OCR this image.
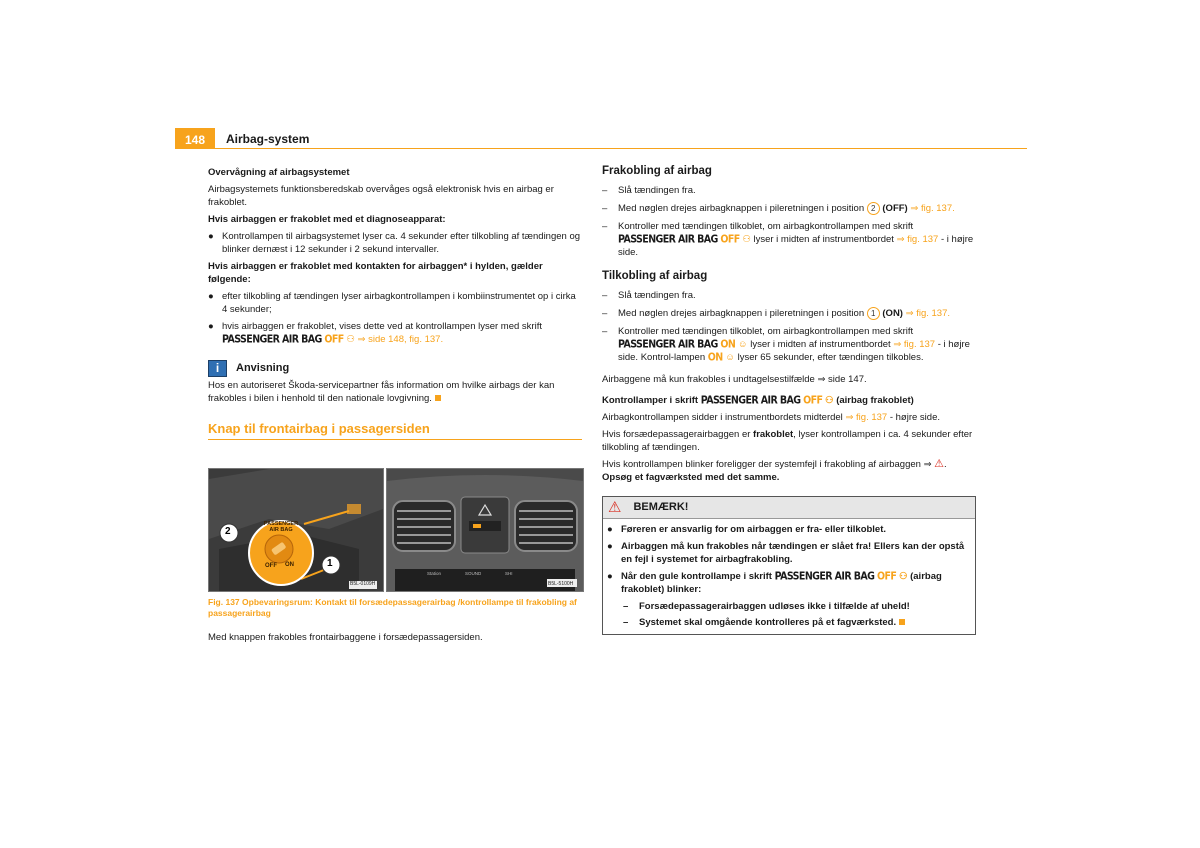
148	Airbag-system

Overvågning af airbagsystemet

Airbagsystemets funktionsberedskab overvåges også elektronisk hvis en airbag er frakoblet.

Hvis airbaggen er frakoblet med et diagnoseapparat:

● Kontrollampen til airbagsystemet lyser ca. 4 sekunder efter tilkobling af tændingen og blinker dernæst i 12 sekunder i 2 sekund intervaller.

Hvis airbaggen er frakoblet med kontakten for airbaggen* i hylden, gælder følgende:

● efter tilkobling af tændingen lyser airbagkontrollampen i kombiinstrumentet op i cirka 4 sekunder;
● hvis airbaggen er frakoblet, vises dette ved at kontrollampen lyser med skrift
PASSENGER AIR BAG OFF ⚇ ⇒ side 148, fig. 137.
i	Anvisning

Hos en autoriseret Škoda-servicepartner fås information om hvilke airbags der kan frakobles i bilen i henhold til den nationale lovgivning.

Knap til frontairbag i passagersiden
PASSENGER
AIR BAG
OFF ON
2
1
B5L-0109H
Station	SOUND	SHI
B5L-5100H
Fig. 137 Opbevaringsrum: Kontakt til forsædepassagerairbag /kontrollampe til frakobling af passagerairbag
Med knappen frakobles frontairbaggene i forsædepassagersiden.
Frakobling af airbag
–	Slå tændingen fra.
–	Med nøglen drejes airbagknappen i pileretningen i position 2 (OFF) ⇒ fig. 137.
–	Kontroller med tændingen tilkoblet, om airbagkontrollampen med skrift PASSENGER AIR BAG OFF ⚇ lyser i midten af instrumentbordet ⇒ fig. 137 - i højre side.
Tilkobling af airbag
–	Slå tændingen fra.
–	Med nøglen drejes airbagknappen i pileretningen i position 1 (ON) ⇒ fig. 137.
–	Kontroller med tændingen tilkoblet, om airbagkontrollampen med skrift PASSENGER AIR BAG ON ☺ lyser i midten af instrumentbordet ⇒ fig. 137 - i højre side. Kontrol-lampen ON ☺ lyser 65 sekunder, efter tændingen tilkobles.

Airbaggene må kun frakobles i undtagelsestilfælde ⇒ side 147.

Kontrollamper i skrift PASSENGER AIR BAG OFF ⚇ (airbag frakoblet)

Airbagkontrollampen sidder i instrumentbordets midterdel ⇒ fig. 137 - højre side.

Hvis forsædepassagerairbaggen er frakoblet, lyser kontrollampen i ca. 4 sekunder efter tilkobling af tændingen.

Hvis kontrollampen blinker foreligger der systemfejl i frakobling af airbaggen ⇒ ⚠.
Opsøg et fagværksted med det samme.

⚠ BEMÆRK!
● Føreren er ansvarlig for om airbaggen er fra- eller tilkoblet.
● Airbaggen må kun frakobles når tændingen er slået fra! Ellers kan der opstå en fejl i systemet for airbagfrakobling.
● Når den gule kontrollampe i skrift PASSENGER AIR BAG OFF ⚇ (airbag frakoblet) blinker:
–	Forsædepassagerairbaggen udløses ikke i tilfælde af uheld!
–	Systemet skal omgående kontrolleres på et fagværksted.
